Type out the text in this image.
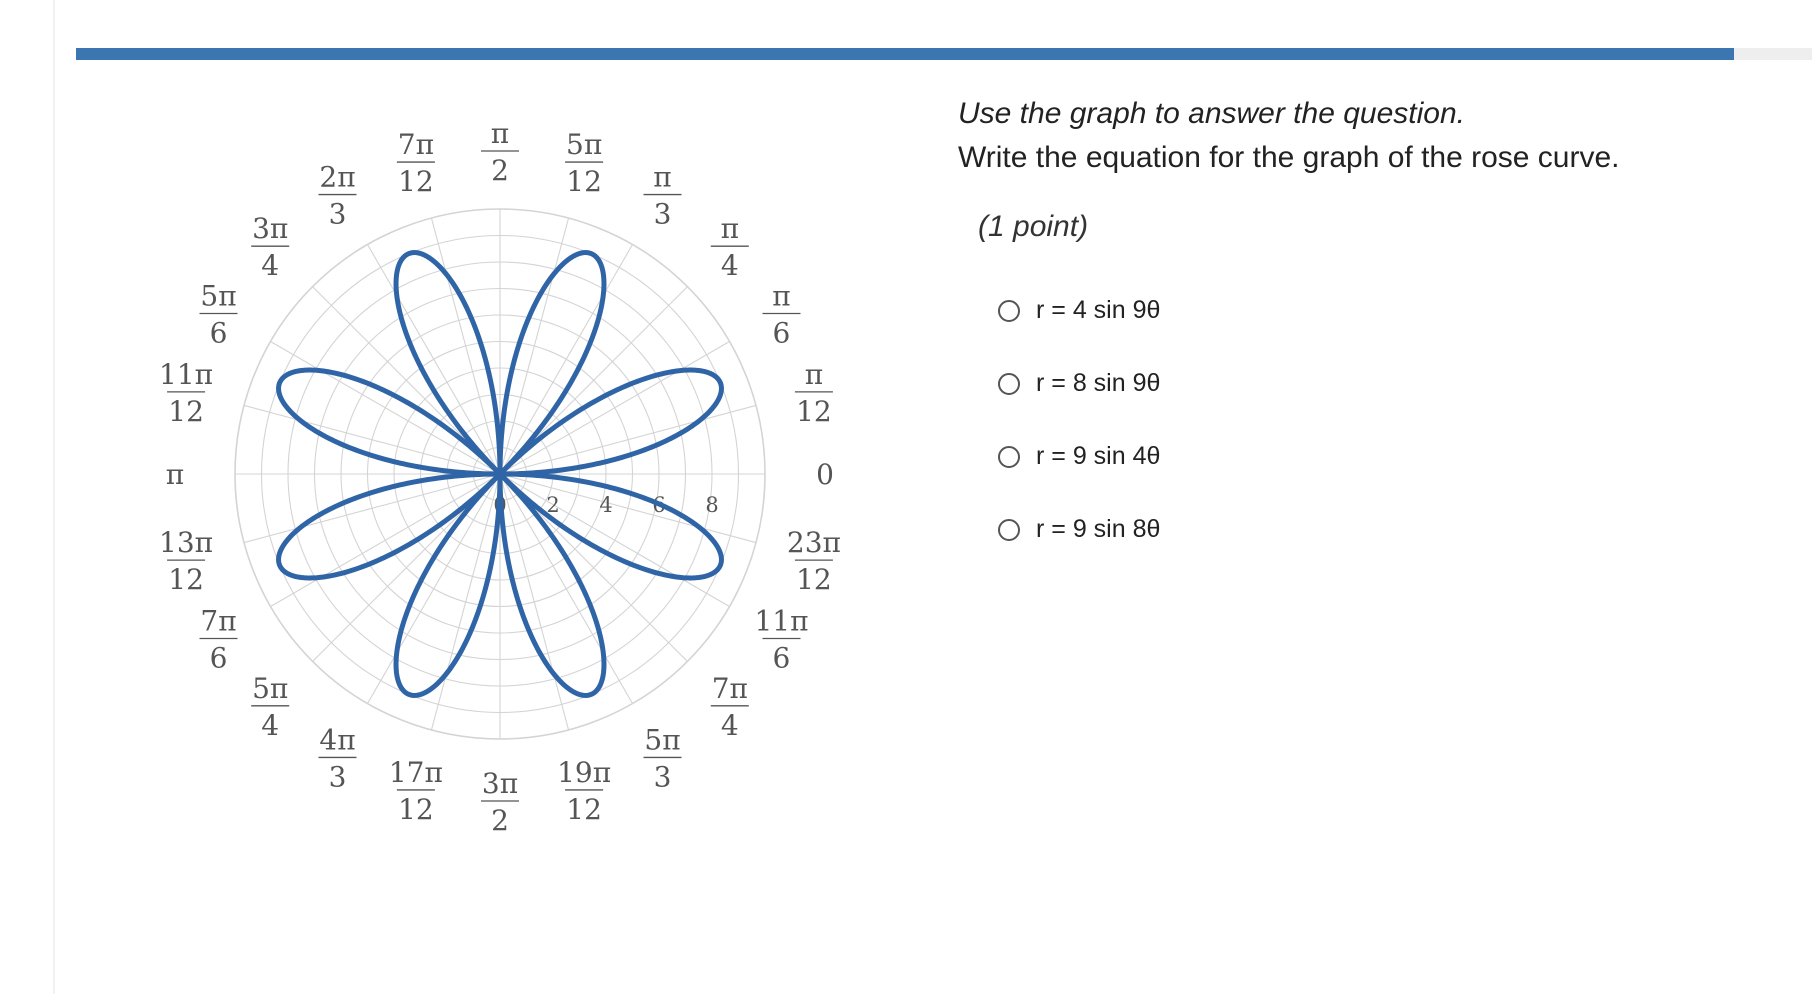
0 2 4 6 8
0
π
12
π
6
π
4
π
3
5π
12
π
2
7π
12
2π
3
3π
4
5π
6
11π
12
π
13π
12
7π
6
5π
4 4π
3 17π
12
3π
2
19π
12
5π
3
7π
4
11π
6
23π
12
Use the graph to answer the question.
Write the equation for the graph of the rose curve.
(1 point)
r = 4 sin 9θ
r = 8 sin 9θ
r = 9 sin 4θ
r = 9 sin 8θ
